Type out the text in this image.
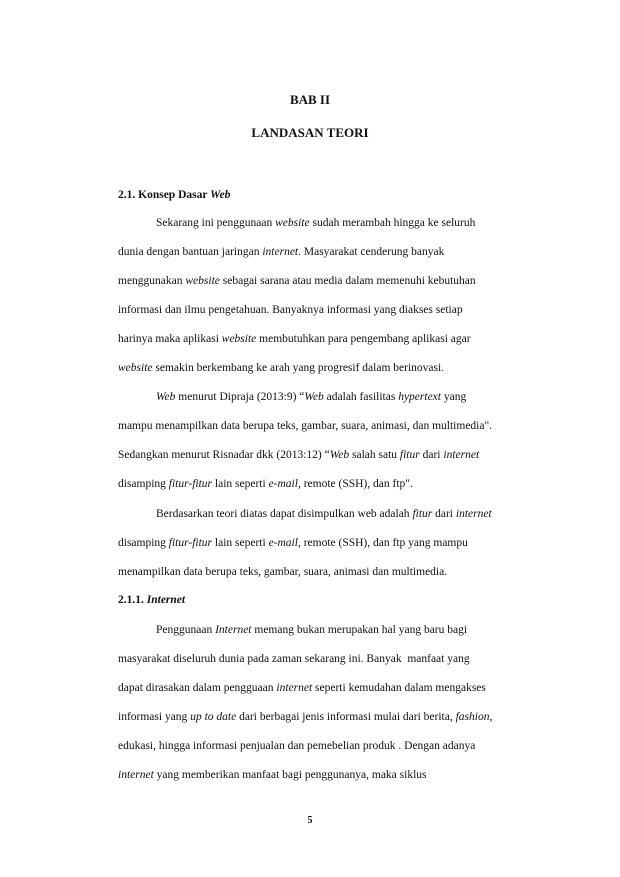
BAB II
LANDASAN TEORI
2.1. Konsep Dasar Web
Sekarang ini penggunaan website sudah merambah hingga ke seluruh
dunia dengan bantuan jaringan internet. Masyarakat cenderung banyak
menggunakan website sebagai sarana atau media dalam memenuhi kebutuhan
informasi dan ilmu pengetahuan. Banyaknya informasi yang diakses setiap
harinya maka aplikasi website membutuhkan para pengembang aplikasi agar
website semakin berkembang ke arah yang progresif dalam berinovasi.
Web menurut Dipraja (2013:9) “Web adalah fasilitas hypertext yang
mampu menampilkan data berupa teks, gambar, suara, animasi, dan multimedia".
Sedangkan menurut Risnadar dkk (2013:12) “Web salah satu fitur dari internet
disamping fitur-fitur lain seperti e-mail, remote (SSH), dan ftp".
Berdasarkan teori diatas dapat disimpulkan web adalah fitur dari internet
disamping fitur-fitur lain seperti e-mail, remote (SSH), dan ftp yang mampu
menampilkan data berupa teks, gambar, suara, animasi dan multimedia.
2.1.1. Internet
Penggunaan Internet memang bukan merupakan hal yang baru bagi
masyarakat diseluruh dunia pada zaman sekarang ini. Banyak  manfaat yang
dapat dirasakan dalam pengguaan internet seperti kemudahan dalam mengakses
informasi yang up to date dari berbagai jenis informasi mulai dari berita, fashion,
edukasi, hingga informasi penjualan dan pemebelian produk . Dengan adanya
internet yang memberikan manfaat bagi penggunanya, maka siklus
5
